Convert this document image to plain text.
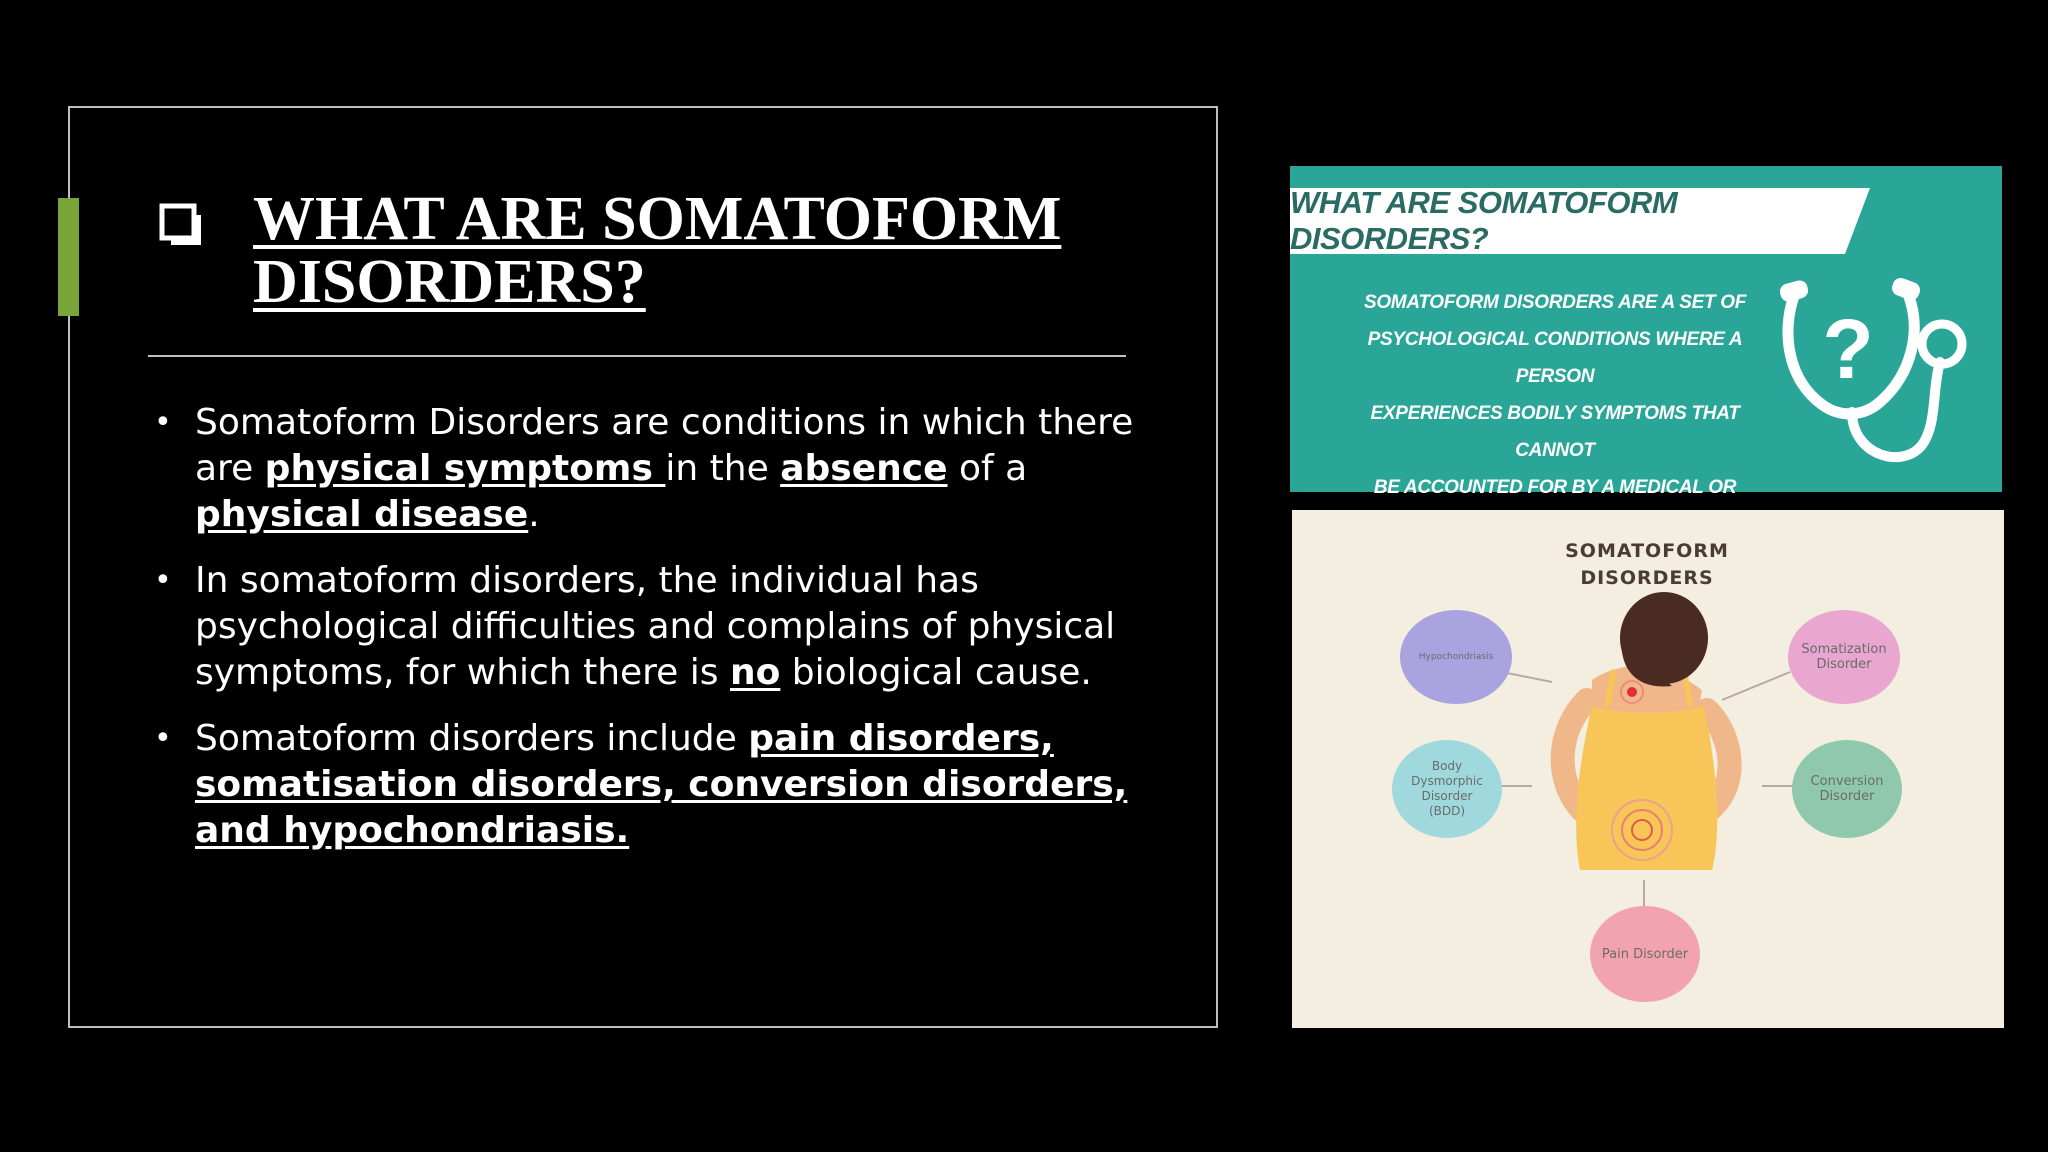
WHAT ARE SOMATOFORM
DISORDERS?
• Somatoform Disorders are conditions in which there are physical symptoms in the absence of a physical disease.
• In somatoform disorders, the individual has psychological difficulties and complains of physical symptoms, for which there is no biological cause.
• Somatoform disorders include pain disorders, somatisation disorders, conversion disorders, and hypochondriasis.
WHAT ARE SOMATOFORM DISORDERS?
SOMATOFORM DISORDERS ARE A SET OF
PSYCHOLOGICAL CONDITIONS WHERE A PERSON
EXPERIENCES BODILY SYMPTOMS THAT CANNOT
BE ACCOUNTED FOR BY A MEDICAL OR
?
SOMATOFORM
DISORDERS
Hypochondriasis	Somatization Disorder
Body Dysmorphic Disorder (BDD)
Conversion Disorder
Pain Disorder
